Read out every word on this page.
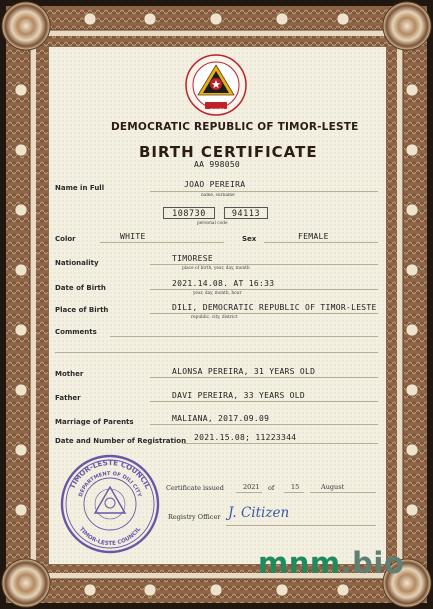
RDTL
DEMOCRATIC REPUBLIC OF TIMOR-LESTE
BIRTH CERTIFICATE
AA 998050
Name in Full	JOAO PEREIRA
name, surname
108730	94113
personal code
Color	WHITE	Sex	FEMALE
Nationality	TIMORESE
place of birth, year, day, month
Date of Birth	2021.14.08. AT 16:33
year, day, month, hour
Place of Birth	DILI, DEMOCRATIC REPUBLIC OF TIMOR-LESTE
republic, city, district
Comments
Mother	ALONSA PEREIRA, 31 YEARS OLD
Father	DAVI PEREIRA, 33 YEARS OLD
Marriage of Parents	MALIANA, 2017.09.09
Date and Number of Registration 2021.15.08; 11223344
TIMOR-LESTE COUNCIL
DEPARTMENT OF DILI CITY
TIMOR-LESTE COUNCIL
Certificate issued	2021 of	15	August
Registry Officer J. Citizen
mnm.bio
